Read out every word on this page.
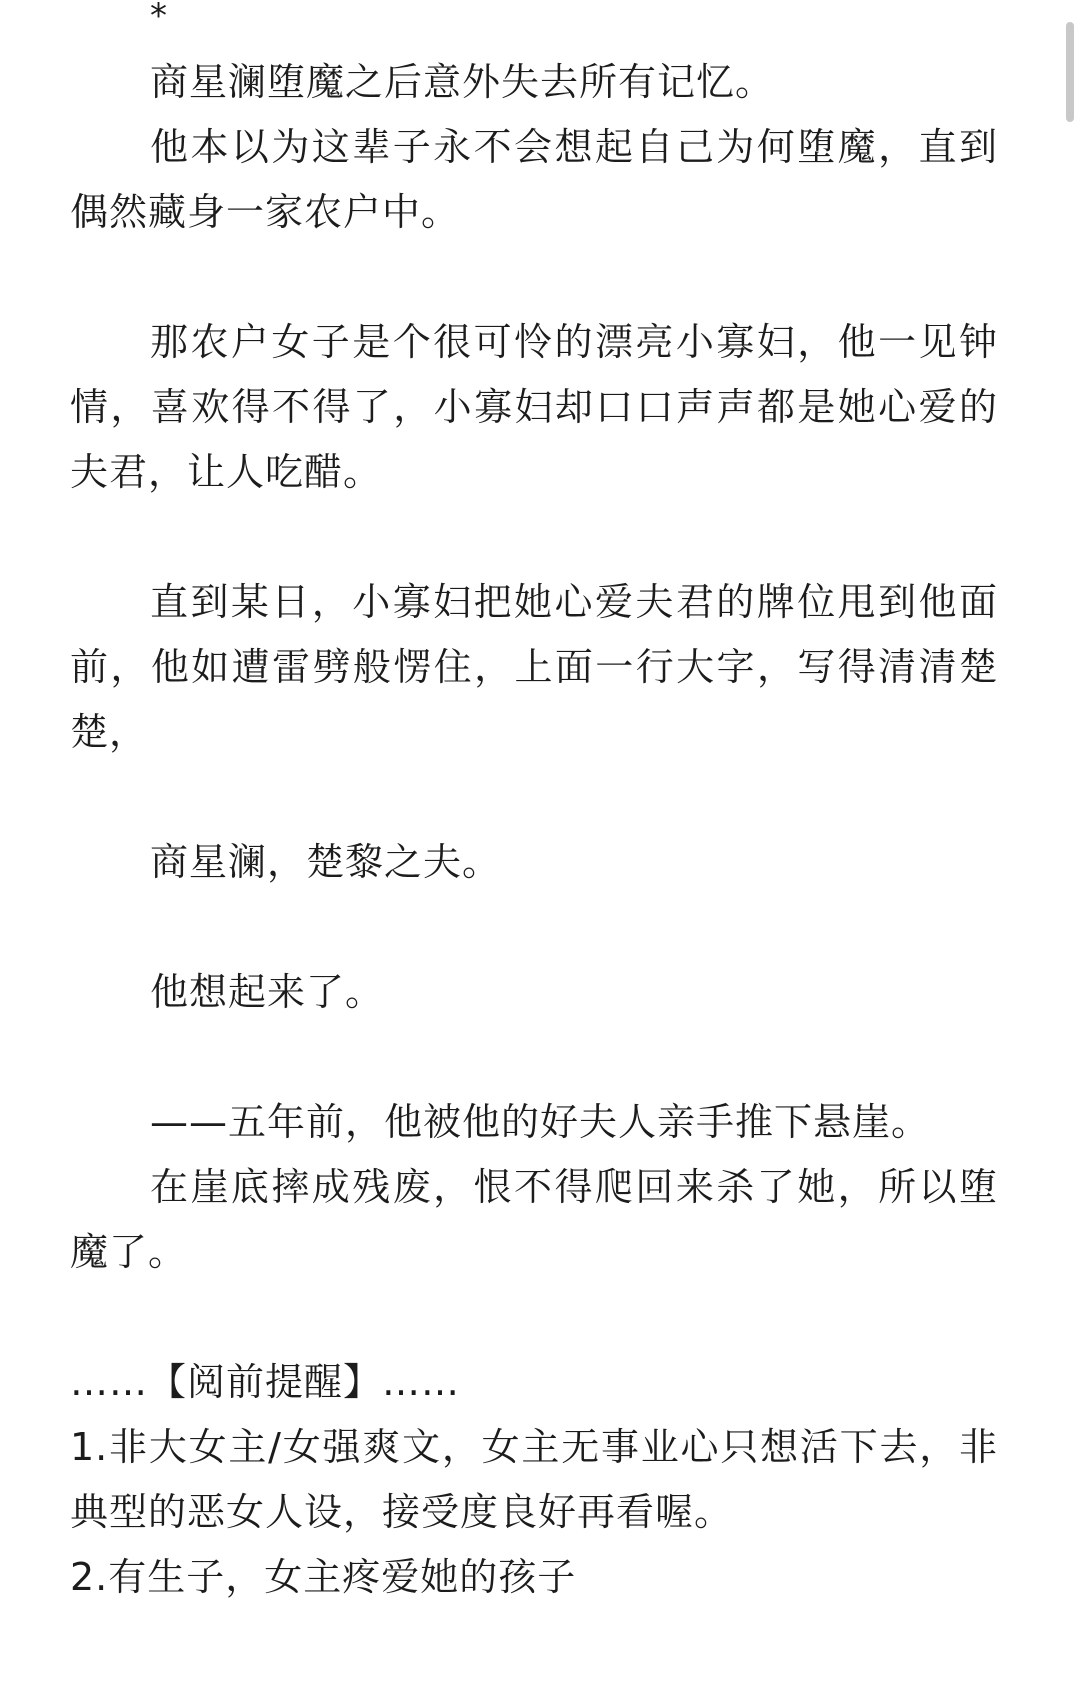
*

商星澜堕魔之后意外失去所有记忆。

他本以为这辈子永不会想起自己为何堕魔，直到偶然藏身一家农户中。

那农户女子是个很可怜的漂亮小寡妇，他一见钟情，喜欢得不得了，小寡妇却口口声声都是她心爱的夫君，让人吃醋。

直到某日，小寡妇把她心爱夫君的牌位甩到他面前，他如遭雷劈般愣住，上面一行大字，写得清清楚楚，

商星澜，楚黎之夫。

他想起来了。

——五年前，他被他的好夫人亲手推下悬崖。

在崖底摔成残废，恨不得爬回来杀了她，所以堕魔了。

……【阅前提醒】……

1.非大女主/女强爽文，女主无事业心只想活下去，非典型的恶女人设，接受度良好再看喔。

2.有生子，女主疼爱她的孩子
